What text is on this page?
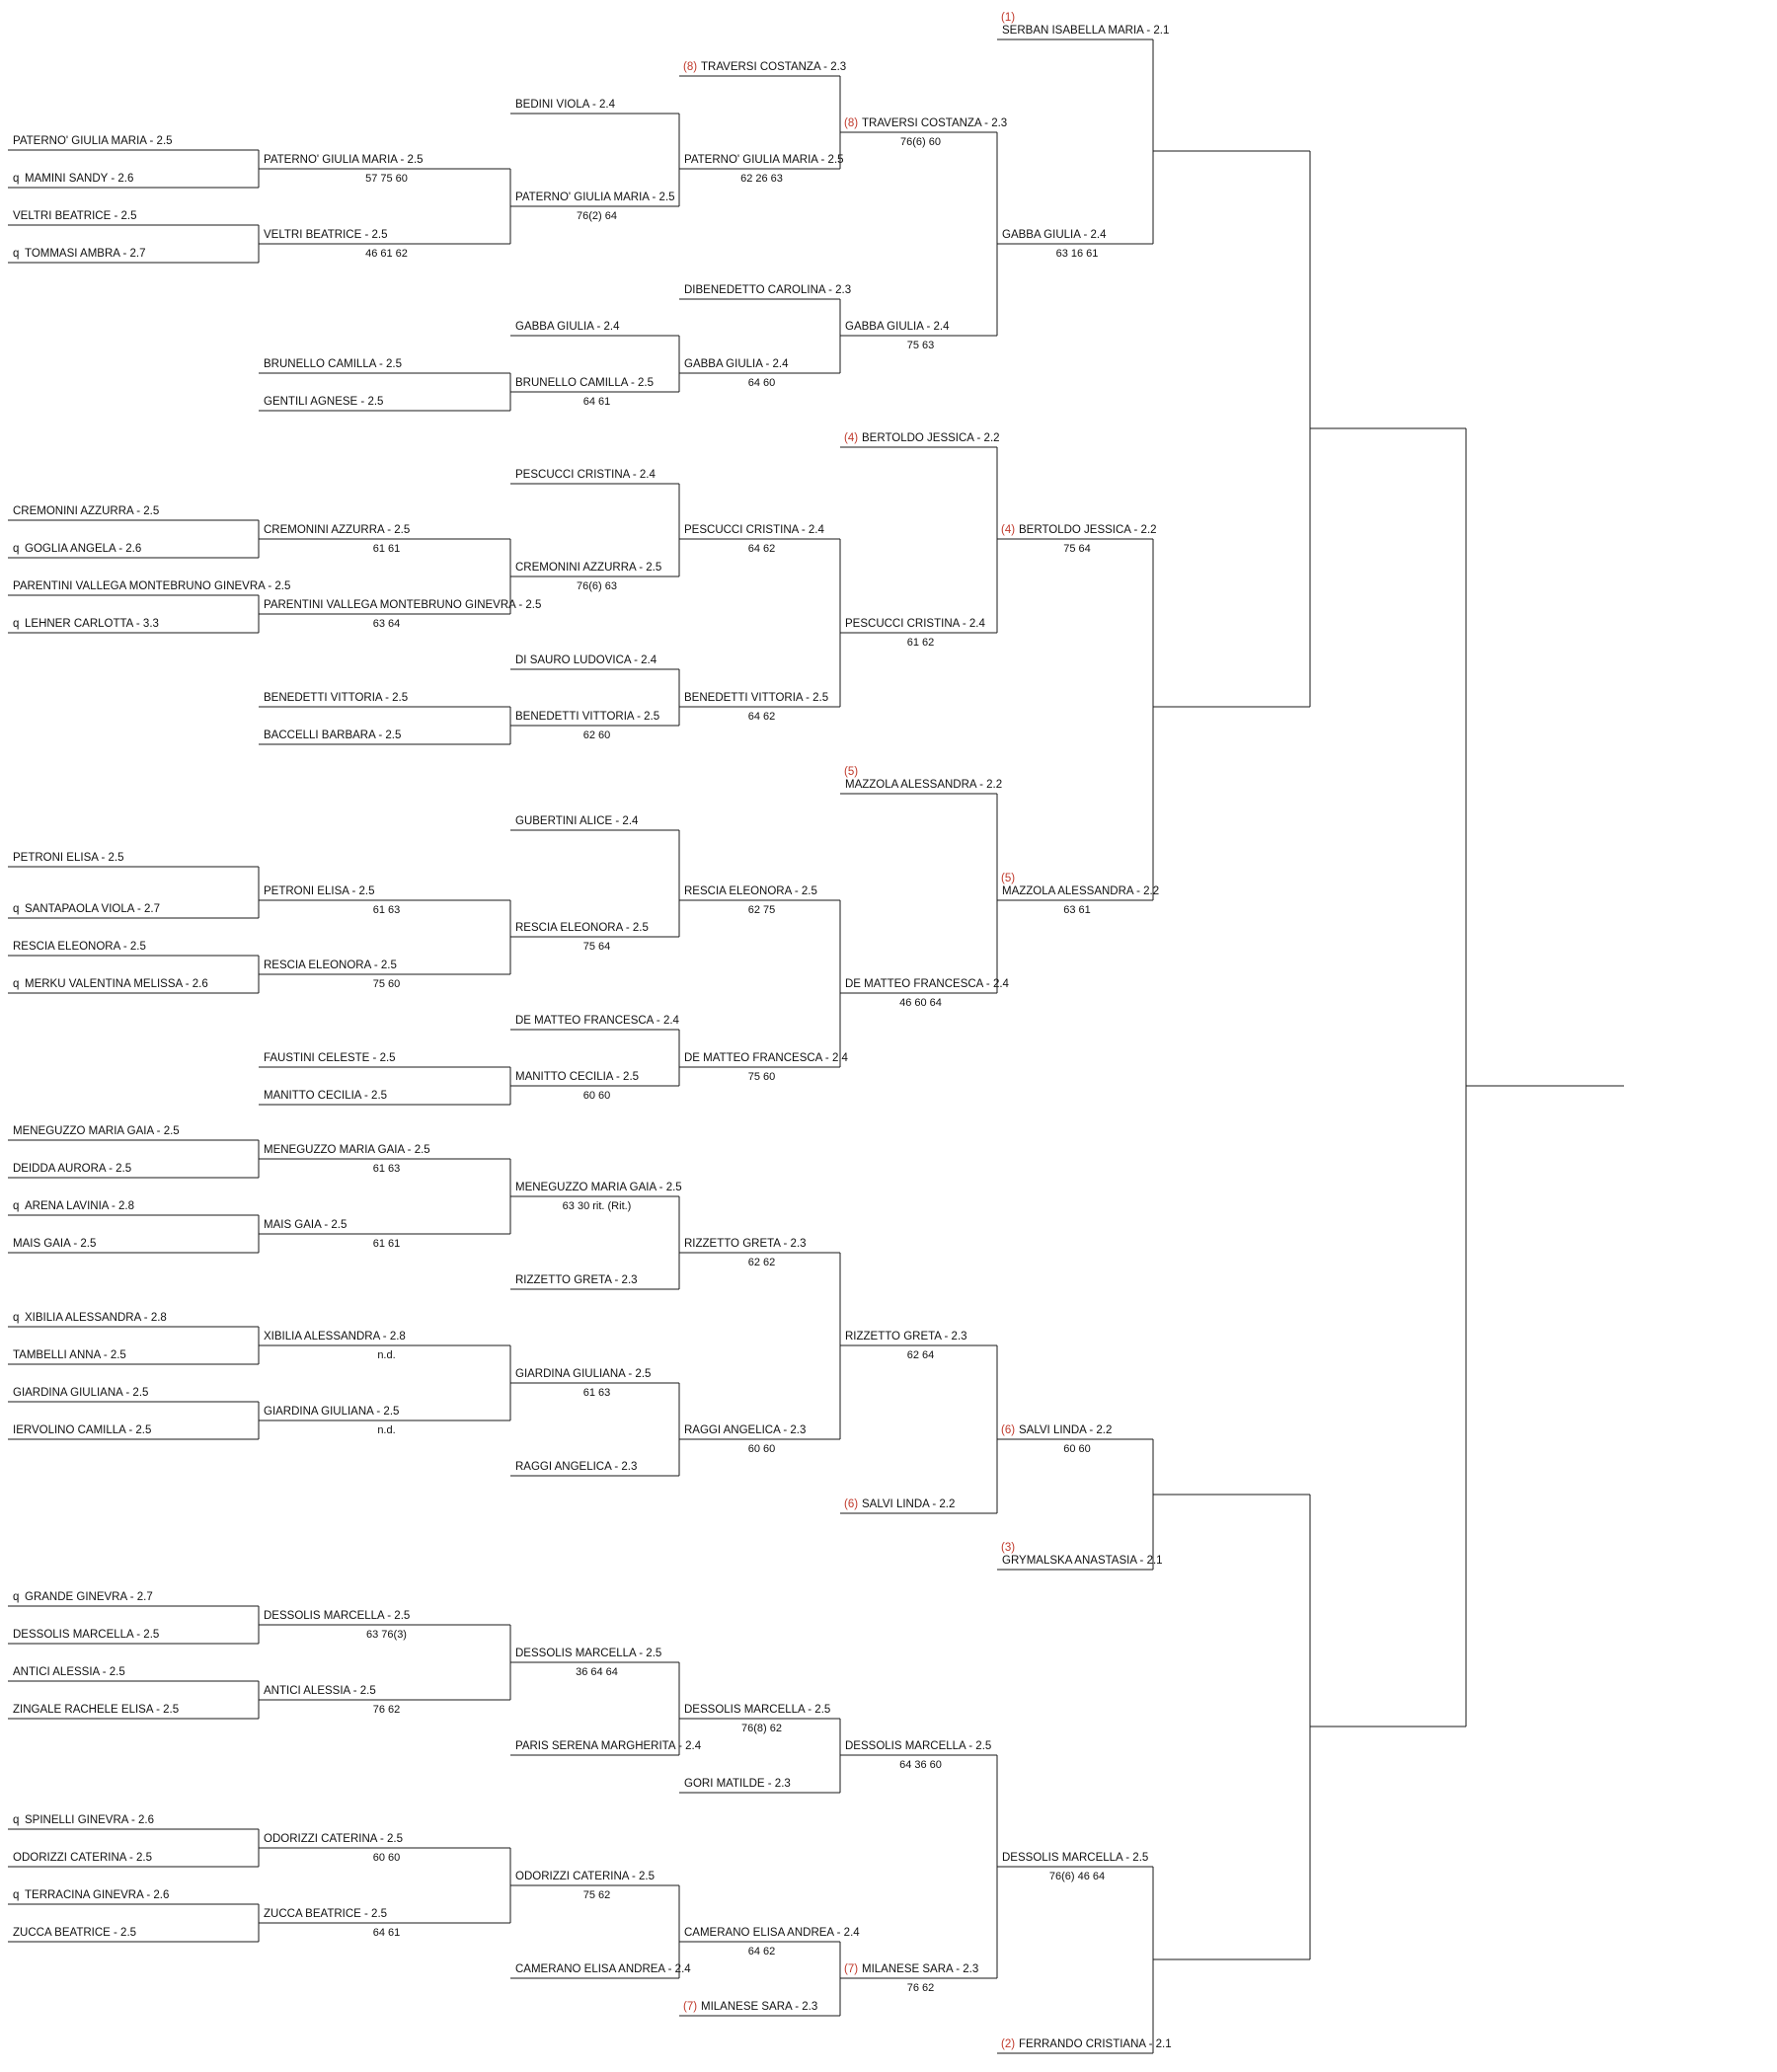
PATERNO' GIULIA MARIA - 2.5
q MAMINI SANDY - 2.6
VELTRI BEATRICE - 2.5
q TOMMASI AMBRA - 2.7
CREMONINI AZZURRA - 2.5
q GOGLIA ANGELA - 2.6
PARENTINI VALLEGA MONTEBRUNO GINEVRA - 2.5
q LEHNER CARLOTTA - 3.3
PETRONI ELISA - 2.5
q SANTAPAOLA VIOLA - 2.7
RESCIA ELEONORA - 2.5
q MERKU VALENTINA MELISSA - 2.6
MENEGUZZO MARIA GAIA - 2.5
DEIDDA AURORA - 2.5
q ARENA LAVINIA - 2.8
MAIS GAIA - 2.5
q XIBILIA ALESSANDRA - 2.8
TAMBELLI ANNA - 2.5
GIARDINA GIULIANA - 2.5
IERVOLINO CAMILLA - 2.5
q GRANDE GINEVRA - 2.7
DESSOLIS MARCELLA - 2.5
ANTICI ALESSIA - 2.5
ZINGALE RACHELE ELISA - 2.5
q SPINELLI GINEVRA - 2.6
ODORIZZI CATERINA - 2.5
q TERRACINA GINEVRA - 2.6
ZUCCA BEATRICE - 2.5
PATERNO' GIULIA MARIA - 2.5
57 75 60
VELTRI BEATRICE - 2.5
46 61 62
BRUNELLO CAMILLA - 2.5
GENTILI AGNESE - 2.5
CREMONINI AZZURRA - 2.5
61 61
PARENTINI VALLEGA MONTEBRUNO GINEVRA - 2.5
63 64
BENEDETTI VITTORIA - 2.5
BACCELLI BARBARA - 2.5
PETRONI ELISA - 2.5
61 63
RESCIA ELEONORA - 2.5
75 60
FAUSTINI CELESTE - 2.5
MANITTO CECILIA - 2.5
MENEGUZZO MARIA GAIA - 2.5
61 63
MAIS GAIA - 2.5
61 61
XIBILIA ALESSANDRA - 2.8
n.d.
GIARDINA GIULIANA - 2.5
n.d.
DESSOLIS MARCELLA - 2.5
63 76(3)
ANTICI ALESSIA - 2.5
76 62
ODORIZZI CATERINA - 2.5
60 60
ZUCCA BEATRICE - 2.5
64 61
BEDINI VIOLA - 2.4
PATERNO' GIULIA MARIA - 2.5
76(2) 64
GABBA GIULIA - 2.4
BRUNELLO CAMILLA - 2.5
64 61
PESCUCCI CRISTINA - 2.4
CREMONINI AZZURRA - 2.5
76(6) 63
DI SAURO LUDOVICA - 2.4
BENEDETTI VITTORIA - 2.5
62 60
GUBERTINI ALICE - 2.4
RESCIA ELEONORA - 2.5
75 64
DE MATTEO FRANCESCA - 2.4
MANITTO CECILIA - 2.5
60 60
MENEGUZZO MARIA GAIA - 2.5
63 30 rit. (Rit.)
RIZZETTO GRETA - 2.3
GIARDINA GIULIANA - 2.5
61 63
RAGGI ANGELICA - 2.3
DESSOLIS MARCELLA - 2.5
36 64 64
PARIS SERENA MARGHERITA - 2.4
ODORIZZI CATERINA - 2.5
75 62
CAMERANO ELISA ANDREA - 2.4
(8) TRAVERSI COSTANZA - 2.3
PATERNO' GIULIA MARIA - 2.5
62 26 63
DIBENEDETTO CAROLINA - 2.3
GABBA GIULIA - 2.4
64 60
PESCUCCI CRISTINA - 2.4
64 62
BENEDETTI VITTORIA - 2.5
64 62
RESCIA ELEONORA - 2.5
62 75
DE MATTEO FRANCESCA - 2.4
75 60
RIZZETTO GRETA - 2.3
62 62
RAGGI ANGELICA - 2.3
60 60
DESSOLIS MARCELLA - 2.5
76(8) 62
GORI MATILDE - 2.3
CAMERANO ELISA ANDREA - 2.4
64 62
(7) MILANESE SARA - 2.3
(8) TRAVERSI COSTANZA - 2.3
76(6) 60
GABBA GIULIA - 2.4
75 63
(4) BERTOLDO JESSICA - 2.2
PESCUCCI CRISTINA - 2.4
61 62
(5)
MAZZOLA ALESSANDRA - 2.2
DE MATTEO FRANCESCA - 2.4
46 60 64
RIZZETTO GRETA - 2.3
62 64
(6) SALVI LINDA - 2.2
DESSOLIS MARCELLA - 2.5
64 36 60
(7) MILANESE SARA - 2.3
76 62
(1)
SERBAN ISABELLA MARIA - 2.1
GABBA GIULIA - 2.4
63 16 61
(4) BERTOLDO JESSICA - 2.2
75 64
(5)
MAZZOLA ALESSANDRA - 2.2
63 61
(6) SALVI LINDA - 2.2
60 60
(3)
GRYMALSKA ANASTASIA - 2.1
DESSOLIS MARCELLA - 2.5
76(6) 46 64
(2) FERRANDO CRISTIANA - 2.1
